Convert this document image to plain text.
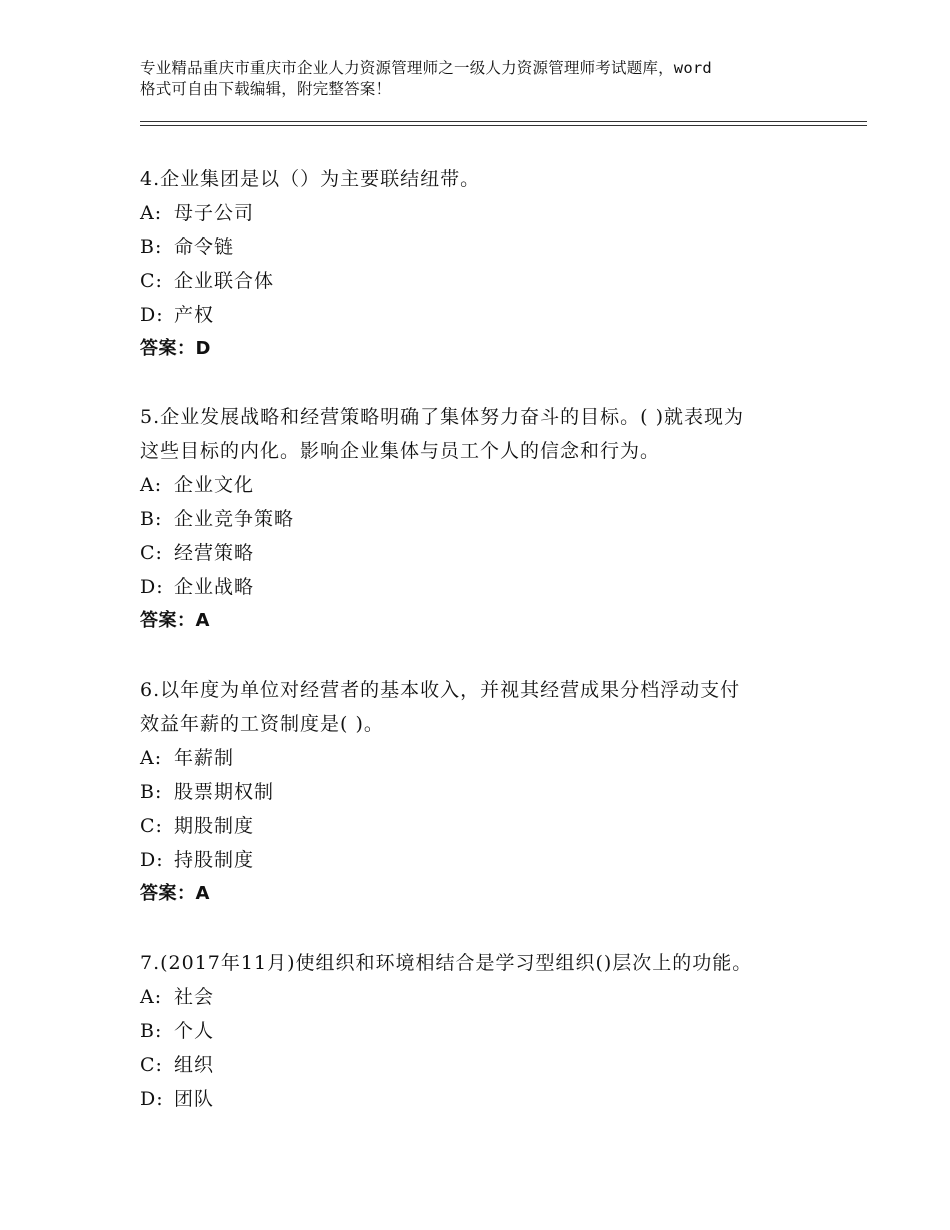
专业精品重庆市重庆市企业人力资源管理师之一级人力资源管理师考试题库，word
格式可自由下载编辑，附完整答案！

4.企业集团是以（）为主要联结纽带。

A: 母子公司

B: 命令链

C: 企业联合体

D: 产权

答案：D

5.企业发展战略和经营策略明确了集体努力奋斗的目标。( )就表现为

这些目标的内化。影响企业集体与员工个人的信念和行为。

A: 企业文化

B: 企业竞争策略

C: 经营策略

D: 企业战略

答案：A

6.以年度为单位对经营者的基本收入，并视其经营成果分档浮动支付

效益年薪的工资制度是( )。

A: 年薪制

B: 股票期权制

C: 期股制度

D: 持股制度

答案：A

7.(2017年11月)使组织和环境相结合是学习型组织()层次上的功能。

A: 社会

B: 个人

C: 组织

D: 团队
